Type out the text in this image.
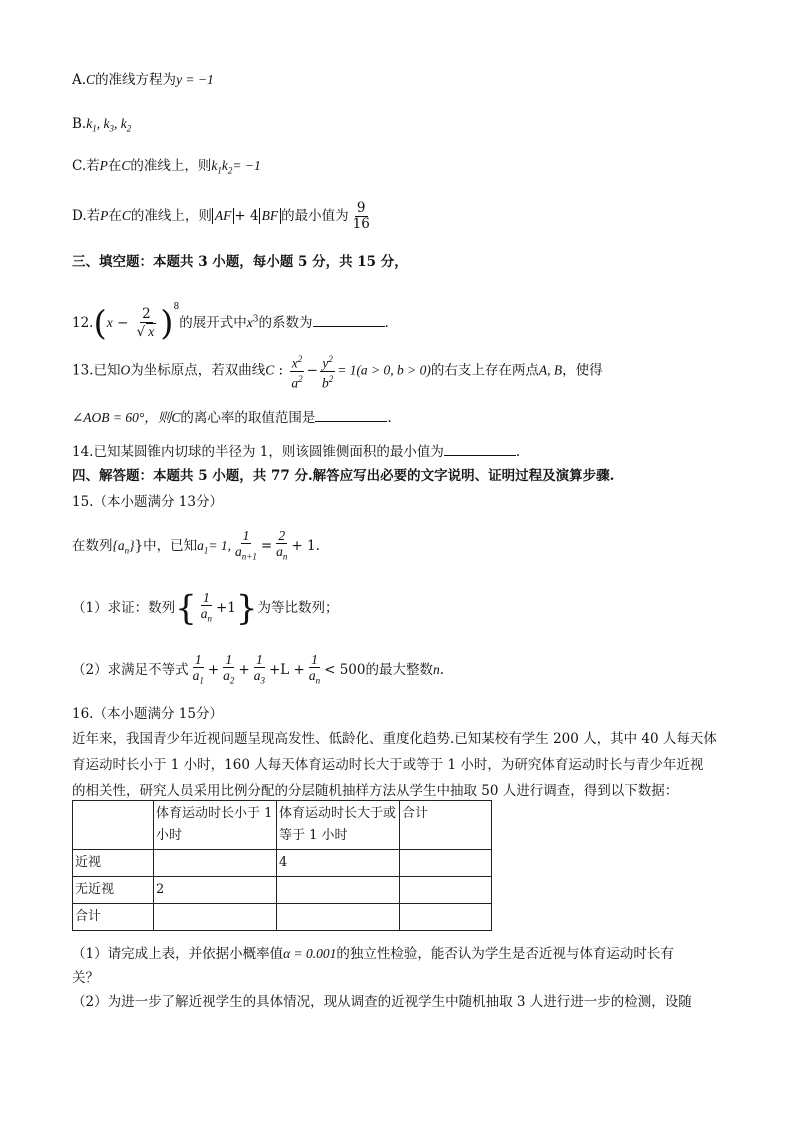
A.C的准线方程为y = −1
$B.k_1$, $k_3$, $k_2$
C.若P在C的准线上，则$k_1k_2= -1$
D.若P在C的准线上，则 AF + 4 BF 的最小值为 $\frac{9}{16}$
三、填空题：本题共 3 小题，每小题 5 分，共 15 分，
$12.(x - \frac{2}{√ x} )^8$的展开式中$x^3$的系数为	.
13.已知O为坐标原点，若双曲线C : $\frac{x^2}{a^2} - \frac{y^2}{b^2} = 1(a > 0$, b > 0)的右支上存在两点A, B，使得
∠AOB = 60°，则C的离心率的取值范围是	.
14.已知某圆锥内切球的半径为 1，则该圆锥侧面积的最小值为	.
四、解答题：本题共 5 小题，共 77 分.解答应写出必要的文字说明、证明过程及演算步骤.
15.（本小题满分 13分）
在数列$\{a_n\}$}中，已知$a_1= 1$, $\frac{1}{a_{n+1}} = \frac{2}{a_n} + 1$.
（1）求证：数列{ $\frac{1}{a_n} +1$}为等比数列；
（2）求满足不等式 $\frac{1}{a_1} + \frac{1}{a_2} + \frac{1}{a_3} +L + \frac{1}{a_n} < 500$的最大整数n.
16.（本小题满分 15分）
近年来，我国青少年近视问题呈现高发性、低龄化、重度化趋势.已知某校有学生 200 人，其中 40 人每天体
育运动时长小于 1 小时，160 人每天体育运动时长大于或等于 1 小时，为研究体育运动时长与青少年近视
的相关性，研究人员采用比例分配的分层随机抽样方法从学生中抽取 50 人进行调查，得到以下数据：
	体育运动时长小于 1 小时	体育运动时长大于或等于 1 小时	合计
近视		4	
无近视	2		
合计			
（1）请完成上表，并依据小概率值α = 0.001的独立性检验，能否认为学生是否近视与体育运动时长有
关？
（2）为进一步了解近视学生的具体情况，现从调查的近视学生中随机抽取 3 人进行进一步的检测，设随
